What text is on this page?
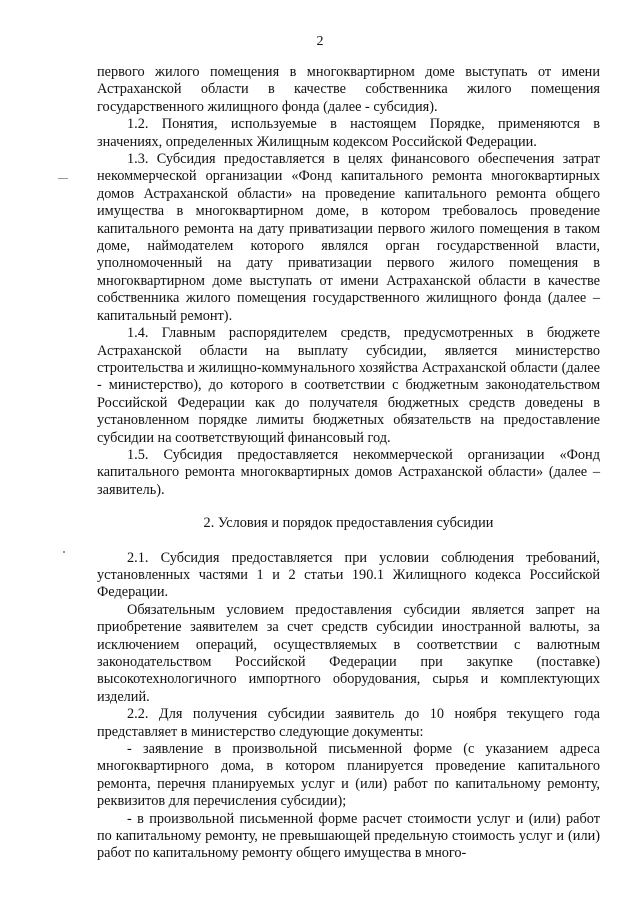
2

первого жилого помещения в многоквартирном доме выступать от имени Астраханской области в качестве собственника жилого помещения государственного жилищного фонда (далее - субсидия).

1.2. Понятия, используемые в настоящем Порядке, применяются в значениях, определенных Жилищным кодексом Российской Федерации.

1.3. Субсидия предоставляется в целях финансового обеспечения затрат некоммерческой организации «Фонд капитального ремонта многоквартирных домов Астраханской области» на проведение капитального ремонта общего имущества в многоквартирном доме, в котором требовалось проведение капитального ремонта на дату приватизации первого жилого помещения в таком доме, наймодателем которого являлся орган государственной власти, уполномоченный на дату приватизации первого жилого помещения в многоквартирном доме выступать от имени Астраханской области в качестве собственника жилого помещения государственного жилищного фонда (далее – капитальный ремонт).

1.4. Главным распорядителем средств, предусмотренных в бюджете Астраханской области на выплату субсидии, является министерство строительства и жилищно-коммунального хозяйства Астраханской области (далее - министерство), до которого в соответствии с бюджетным законодательством Российской Федерации как до получателя бюджетных средств доведены в установленном порядке лимиты бюджетных обязательств на предоставление субсидии на соответствующий финансовый год.

1.5. Субсидия предоставляется некоммерческой организации «Фонд капитального ремонта многоквартирных домов Астраханской области» (далее – заявитель).

2. Условия и порядок предоставления субсидии

2.1. Субсидия предоставляется при условии соблюдения требований, установленных частями 1 и 2 статьи 190.1 Жилищного кодекса Российской Федерации.

Обязательным условием предоставления субсидии является запрет на приобретение заявителем за счет средств субсидии иностранной валюты, за исключением операций, осуществляемых в соответствии с валютным законодательством Российской Федерации при закупке (поставке) высокотехнологичного импортного оборудования, сырья и комплектующих изделий.

2.2. Для получения субсидии заявитель до 10 ноября текущего года представляет в министерство следующие документы:

- заявление в произвольной письменной форме (с указанием адреса многоквартирного дома, в котором планируется проведение капитального ремонта, перечня планируемых услуг и (или) работ по капитальному ремонту, реквизитов для перечисления субсидии);

- в произвольной письменной форме расчет стоимости услуг и (или) работ по капитальному ремонту, не превышающей предельную стоимость услуг и (или) работ по капитальному ремонту общего имущества в много-
